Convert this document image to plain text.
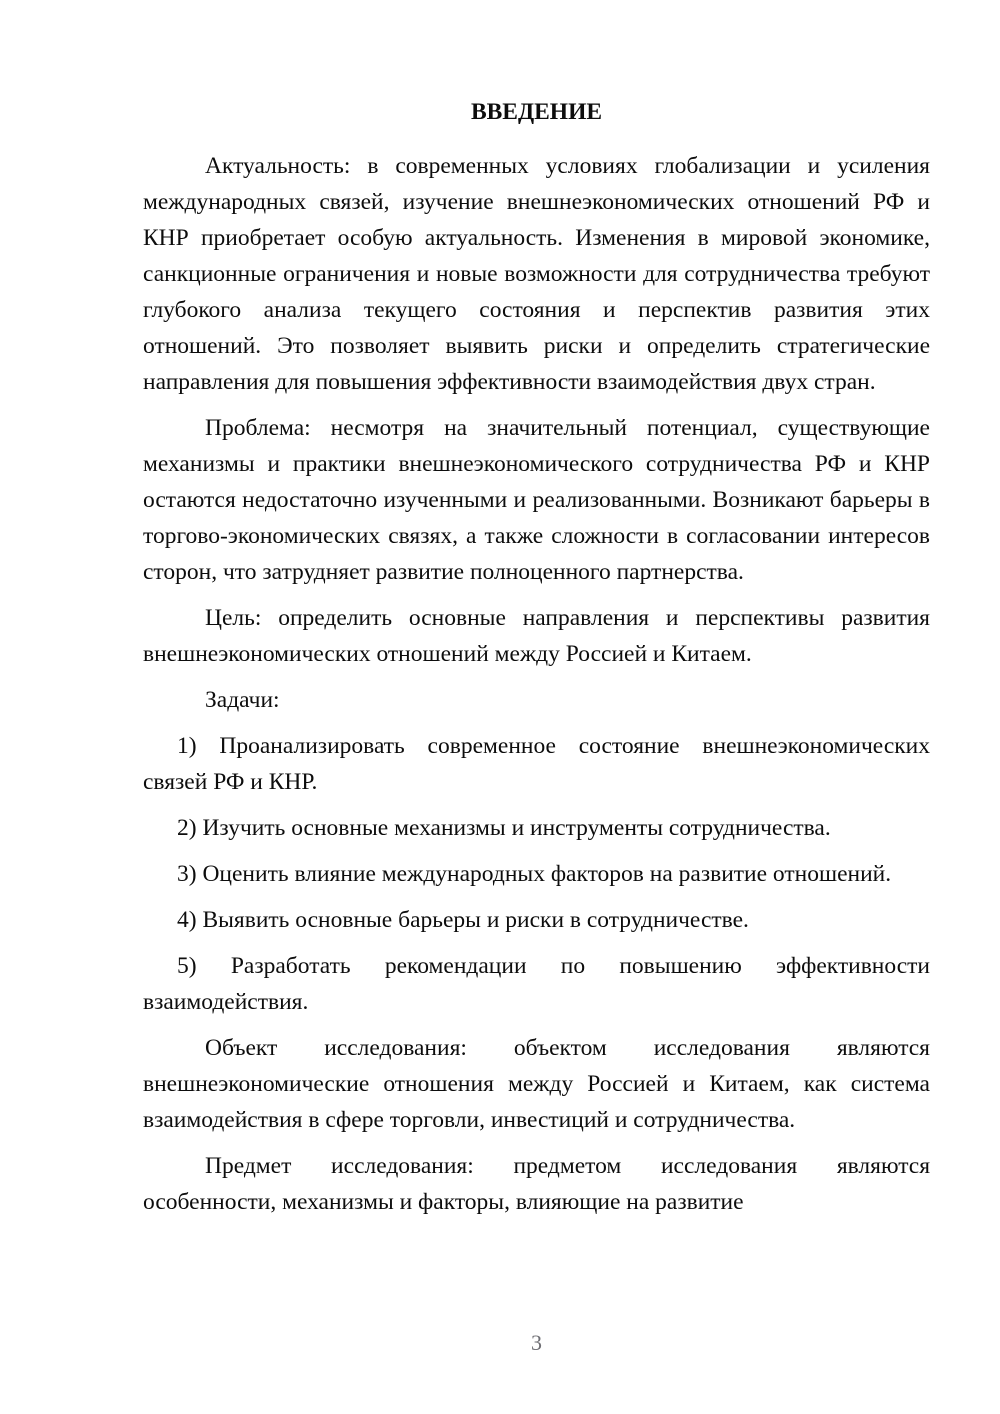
ВВЕДЕНИЕ

Актуальность: в современных условиях глобализации и усиления международных связей, изучение внешнеэкономических отношений РФ и КНР приобретает особую актуальность. Изменения в мировой экономике, санкционные ограничения и новые возможности для сотрудничества требуют глубокого анализа текущего состояния и перспектив развития этих отношений. Это позволяет выявить риски и определить стратегические направления для повышения эффективности взаимодействия двух стран.

Проблема: несмотря на значительный потенциал, существующие механизмы и практики внешнеэкономического сотрудничества РФ и КНР остаются недостаточно изученными и реализованными. Возникают барьеры в торгово-экономических связях, а также сложности в согласовании интересов сторон, что затрудняет развитие полноценного партнерства.

Цель: определить основные направления и перспективы развития внешнеэкономических отношений между Россией и Китаем.

Задачи:

1) Проанализировать современное состояние внешнеэкономических связей РФ и КНР.

2) Изучить основные механизмы и инструменты сотрудничества.

3) Оценить влияние международных факторов на развитие отношений.

4) Выявить основные барьеры и риски в сотрудничестве.

5) Разработать рекомендации по повышению эффективности взаимодействия.

Объект исследования: объектом исследования являются внешнеэкономические отношения между Россией и Китаем, как система взаимодействия в сфере торговли, инвестиций и сотрудничества.

Предмет исследования: предметом исследования являются особенности, механизмы и факторы, влияющие на развитие

3
